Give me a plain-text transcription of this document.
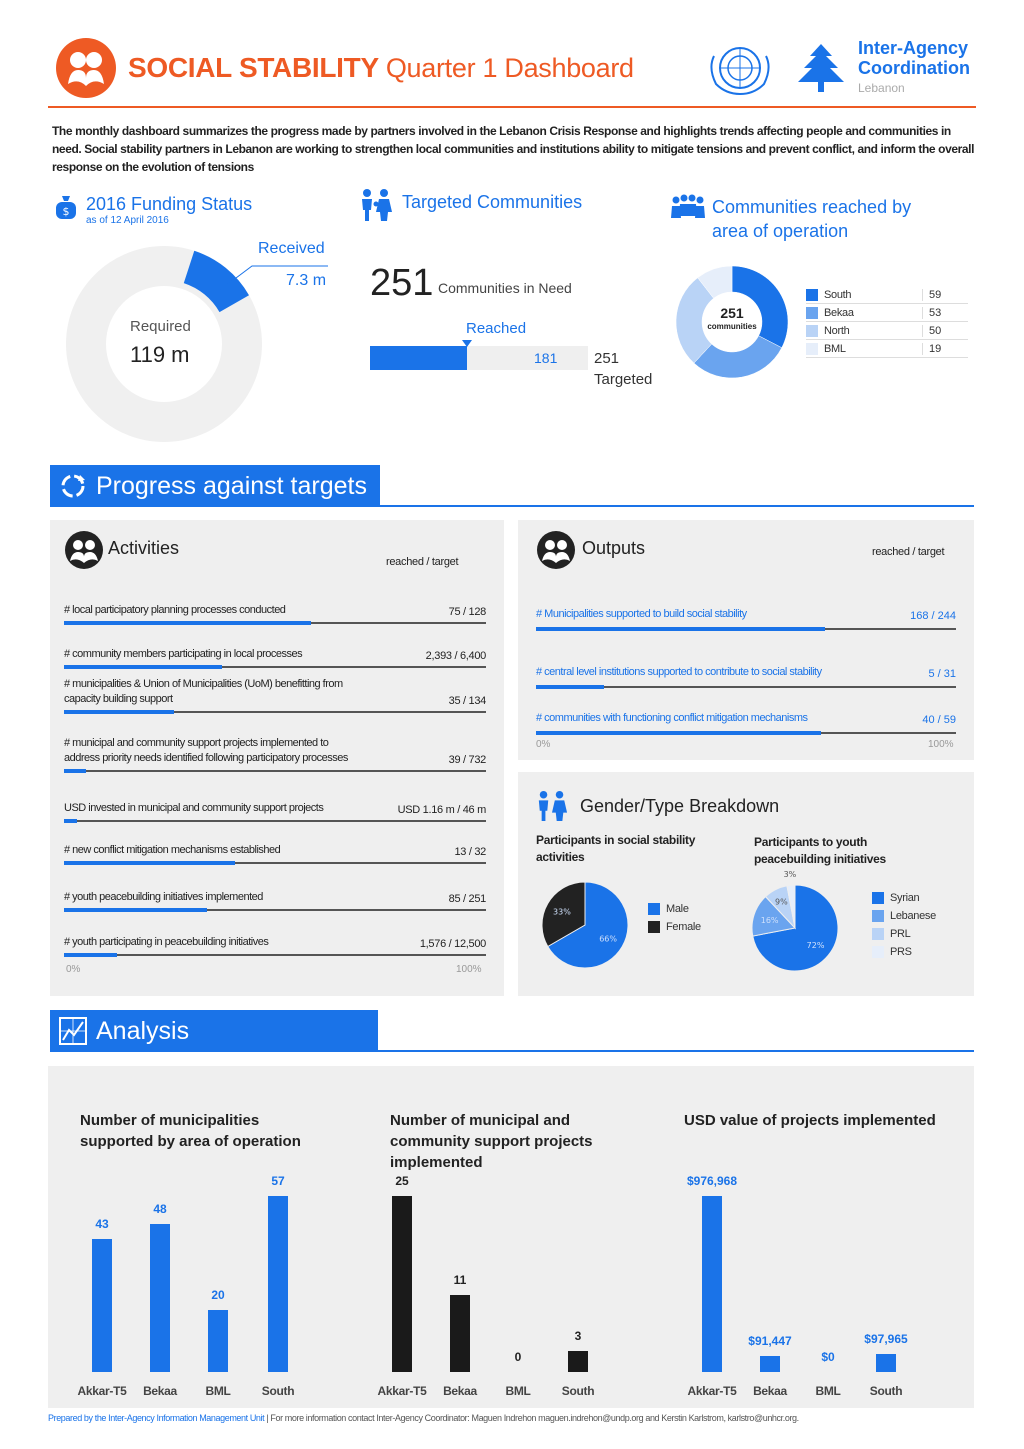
SOCIAL STABILITY Quarter 1 Dashboard
Inter-Agency
Coordination
Lebanon
The monthly dashboard summarizes the progress made by partners involved in the Lebanon Crisis Response and highlights trends affecting people and communities in need. Social stability partners in Lebanon are working to strengthen local communities and institutions ability to mitigate tensions and prevent conflict, and inform the overall response on the evolution of tensions
$ 2016 Funding Status
as of 12 April 2016
Received
7.3 m
Required
119 m
Targeted Communities
251 Communities in Need
Reached
181 251
Targeted
Communities reached by
area of operation
251
communities
South	59
Bekaa	53
North	50
BML	19
Progress against targets
Activities
reached / target
0%	100%
Outputs	reached / target
0%	100%
Gender/Type Breakdown
Participants in social stability activities
Participants to youth peacebuilding initiatives
66%
33%	Male
Female
72%
16%
9%
3%
Syrian
Lebanese
PRL
PRS
Analysis
Number of municipalities supported by area of operation
Number of municipal and community support projects implemented
USD value of projects implemented
43
Akkar-T5
48
Bekaa
20
BML
57
South
25
Akkar-T5
11
Bekaa
0
BML
3
South
$976,968
Akkar-T5
$91,447
Bekaa
$0
BML
$97,965
South
Prepared by the Inter-Agency Information Management Unit | For more information contact Inter-Agency Coordinator: Maguen Indrehon maguen.indrehon@undp.org and Kerstin Karlstrom, karlstro@unhcr.org.
# local participatory planning processes conducted	75 / 128
# community members participating in local processes	2,393 / 6,400
# municipalities & Union of Municipalities (UoM) benefitting from capacity building support	35 / 134
# municipal and community support projects implemented to address priority needs identified following participatory processes	39 / 732
USD invested in municipal and community support projects	USD 1.16 m / 46 m
# new conflict mitigation mechanisms established	13 / 32
# youth peacebuilding initiatives implemented	85 / 251
# youth participating in peacebuilding initiatives	1,576 / 12,500
# Municipalities supported to build social stability	168 / 244
# central level institutions supported to contribute to social stability	5 / 31
# communities with functioning conflict mitigation mechanisms	40 / 59
